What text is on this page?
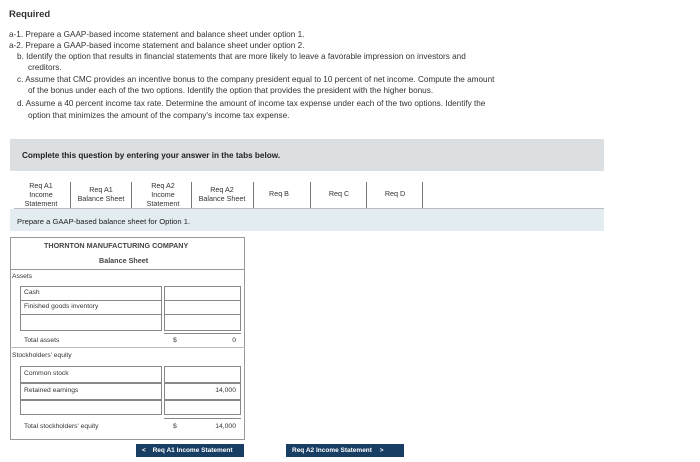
Required
a-1. Prepare a GAAP-based income statement and balance sheet under option 1.
a-2. Prepare a GAAP-based income statement and balance sheet under option 2.
b. Identify the option that results in financial statements that are more likely to leave a favorable impression on investors and
creditors.
c. Assume that CMC provides an incentive bonus to the company president equal to 10 percent of net income. Compute the amount
of the bonus under each of the two options. Identify the option that provides the president with the higher bonus.
d. Assume a 40 percent income tax rate. Determine the amount of income tax expense under each of the two options. Identify the
option that minimizes the amount of the company's income tax expense.
Complete this question by entering your answer in the tabs below.
Req A1
Income
Statement
Req A1
Balance Sheet
Req A2
Income
Statement
Req A2
Balance Sheet
Req B	Req C	Req D
Prepare a GAAP-based balance sheet for Option 1.
THORNTON MANUFACTURING COMPANY
Balance Sheet
Assets
Cash
Finished goods inventory
Total assets	$	0
Stockholders' equity
Common stock
Retained earnings	14,000
Total stockholders' equity	$	14,000
< Req A1 Income Statement	Req A2 Income Statement >
